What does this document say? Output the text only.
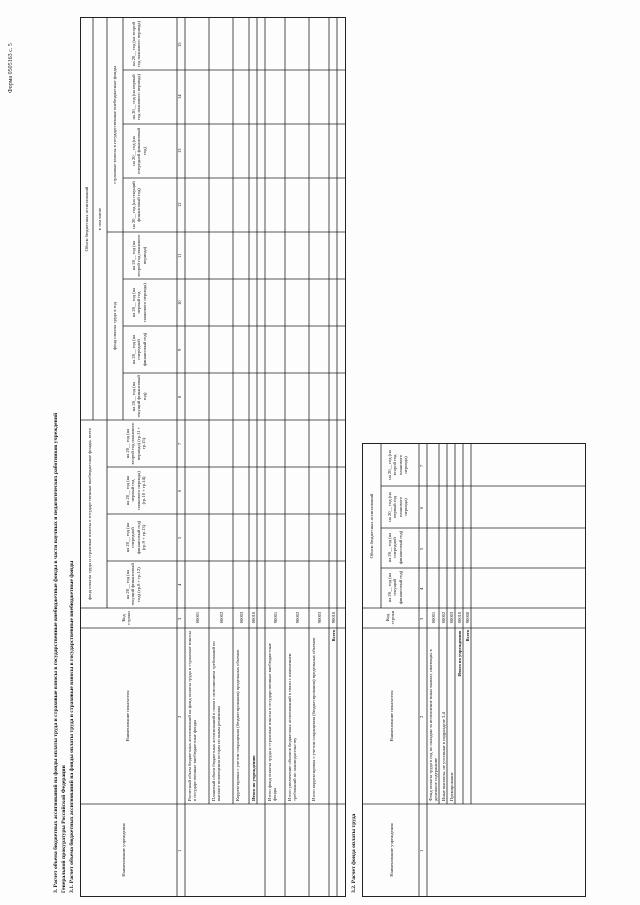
Форма 0505163 с. 5
3. Расчет объема бюджетных ассигнований на фонды оплаты труда и страховые взносы в государственные внебюджетные фонды в части научных и педагогических работников учреждений Генеральной прокуратуры Российской Федерации 3.1. Расчет объема бюджетных ассигнований на фонды оплаты труда и страховые взносы в государственные внебюджетные фонды	Наименование учреждения
Наименование показателя
Код строки
фонд оплаты труда и страховые взносы в государственные внебюджетные фонды, всего
Объем бюджетных ассигнований в том числе
фонд оплаты труда в год
страховые взносы в государственные внебюджетные фонды
на 20__ год (на текущий финансовый год) (гр.8 + гр.12)
на 20__ год (на очередной финансовый год) (гр.9 + гр.13)
на 20__ год (на первый год планового периода) (гр.10 + гр.14)
на 20__ год (на второй год планового периода) (гр.11 + гр.15)
на 20__ год (на текущий финансовый год)
на 20__ год (на очередной финансовый год)
на 20__ год (на первый год планового периода)
на 20__ год (на второй год планового периода)
на 20__ год (на текущий финансовый год)
на 20__ год (на очередной финансовый год)
на 20__ год (на первый год планового периода)
на 20__ год (на второй год планового периода)
1
2
3
4
5
6
7
8
9
10
11
12
13
14
15
Расчетный объем бюджетных ассигнований на фонд оплаты труда и страховые взносы в государственные внебюджетные фонды
00001
Плановый объем бюджетных ассигнований в связи с исполнением требований по выплате возмещения истцам по иным решениям
00002
Корректировка с учетом сокращения (бюджетирования) предельных объемов
00003
Итого по учреждению
00010
Итого фонд оплаты труда и страховые взносы в государственные внебюджетные фонды
90001
Итого увеличение объемов бюджетных ассигнований в связи с изменением требований по законодательству
90002
Итого корректировка с учетом сокращения (бюджетирования) предельных объемов
90003
Всего
90010
3.2. Расчет фонда оплаты труда	Наименование учреждения
Наименование показателя
Код строки
Объем бюджетных ассигнований
на 20__ год (на текущий финансовый год)
на 20__ год (на очередной финансовый год)
на 20__ год (на первый год планового периода)
на 20__ год (на второй год планового периода)
1
2
3
4
5
6
7
Фонд оплаты труда в год по окладам за исполнение иных выплат, имеющих в денежное содержание
00001
Иные выплаты, не учтенные в подразделе 3.4
00002
Премирование
00003
Итого по учреждению
00010
Всего
90000
